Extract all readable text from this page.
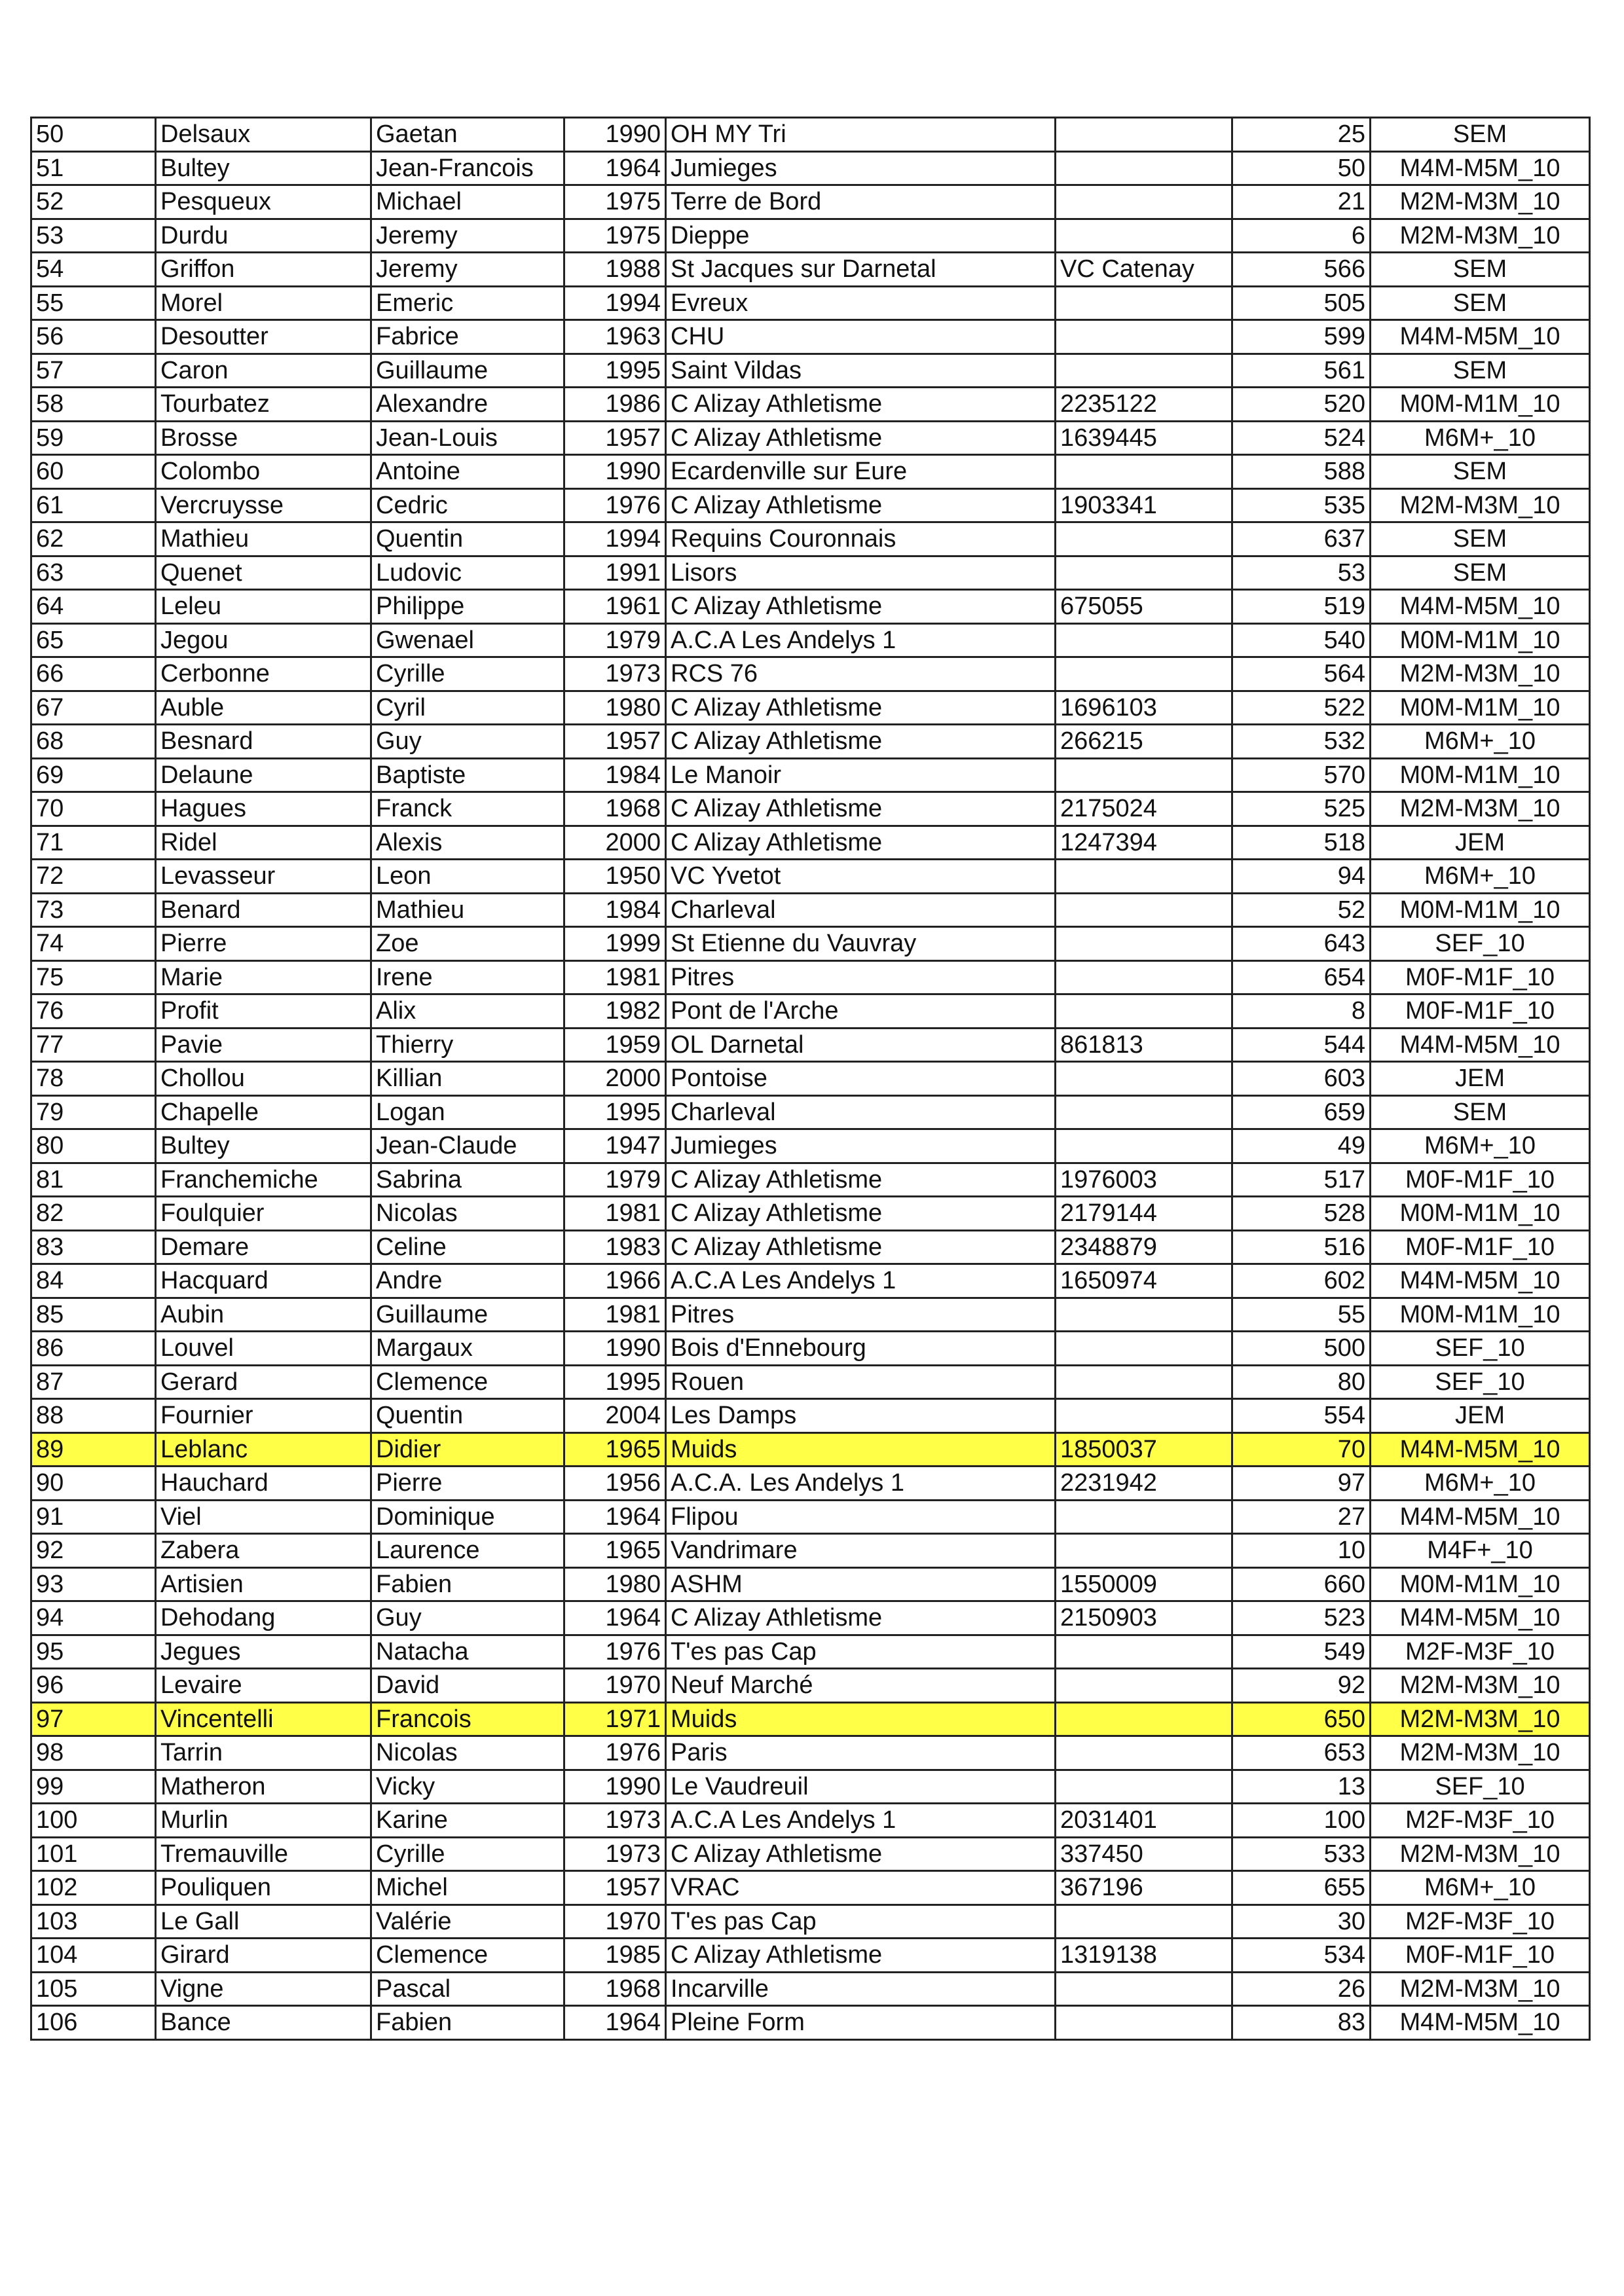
50	Delsaux	Gaetan	1990	OH MY Tri		25	SEM
51	Bultey	Jean-Francois	1964	Jumieges		50	M4M-M5M_10
52	Pesqueux	Michael	1975	Terre de Bord		21	M2M-M3M_10
53	Durdu	Jeremy	1975	Dieppe		6	M2M-M3M_10
54	Griffon	Jeremy	1988	St Jacques sur Darnetal	VC Catenay	566	SEM
55	Morel	Emeric	1994	Evreux		505	SEM
56	Desoutter	Fabrice	1963	CHU		599	M4M-M5M_10
57	Caron	Guillaume	1995	Saint Vildas		561	SEM
58	Tourbatez	Alexandre	1986	C Alizay Athletisme	2235122	520	M0M-M1M_10
59	Brosse	Jean-Louis	1957	C Alizay Athletisme	1639445	524	M6M+_10
60	Colombo	Antoine	1990	Ecardenville sur Eure		588	SEM
61	Vercruysse	Cedric	1976	C Alizay Athletisme	1903341	535	M2M-M3M_10
62	Mathieu	Quentin	1994	Requins Couronnais		637	SEM
63	Quenet	Ludovic	1991	Lisors		53	SEM
64	Leleu	Philippe	1961	C Alizay Athletisme	675055	519	M4M-M5M_10
65	Jegou	Gwenael	1979	A.C.A Les Andelys 1		540	M0M-M1M_10
66	Cerbonne	Cyrille	1973	RCS 76		564	M2M-M3M_10
67	Auble	Cyril	1980	C Alizay Athletisme	1696103	522	M0M-M1M_10
68	Besnard	Guy	1957	C Alizay Athletisme	266215	532	M6M+_10
69	Delaune	Baptiste	1984	Le Manoir		570	M0M-M1M_10
70	Hagues	Franck	1968	C Alizay Athletisme	2175024	525	M2M-M3M_10
71	Ridel	Alexis	2000	C Alizay Athletisme	1247394	518	JEM
72	Levasseur	Leon	1950	VC Yvetot		94	M6M+_10
73	Benard	Mathieu	1984	Charleval		52	M0M-M1M_10
74	Pierre	Zoe	1999	St Etienne du Vauvray		643	SEF_10
75	Marie	Irene	1981	Pitres		654	M0F-M1F_10
76	Profit	Alix	1982	Pont de l'Arche		8	M0F-M1F_10
77	Pavie	Thierry	1959	OL Darnetal	861813	544	M4M-M5M_10
78	Chollou	Killian	2000	Pontoise		603	JEM
79	Chapelle	Logan	1995	Charleval		659	SEM
80	Bultey	Jean-Claude	1947	Jumieges		49	M6M+_10
81	Franchemiche	Sabrina	1979	C Alizay Athletisme	1976003	517	M0F-M1F_10
82	Foulquier	Nicolas	1981	C Alizay Athletisme	2179144	528	M0M-M1M_10
83	Demare	Celine	1983	C Alizay Athletisme	2348879	516	M0F-M1F_10
84	Hacquard	Andre	1966	A.C.A Les Andelys 1	1650974	602	M4M-M5M_10
85	Aubin	Guillaume	1981	Pitres		55	M0M-M1M_10
86	Louvel	Margaux	1990	Bois d'Ennebourg		500	SEF_10
87	Gerard	Clemence	1995	Rouen		80	SEF_10
88	Fournier	Quentin	2004	Les Damps		554	JEM
89	Leblanc	Didier	1965	Muids	1850037	70	M4M-M5M_10
90	Hauchard	Pierre	1956	A.C.A. Les Andelys 1	2231942	97	M6M+_10
91	Viel	Dominique	1964	Flipou		27	M4M-M5M_10
92	Zabera	Laurence	1965	Vandrimare		10	M4F+_10
93	Artisien	Fabien	1980	ASHM	1550009	660	M0M-M1M_10
94	Dehodang	Guy	1964	C Alizay Athletisme	2150903	523	M4M-M5M_10
95	Jegues	Natacha	1976	T'es pas Cap		549	M2F-M3F_10
96	Levaire	David	1970	Neuf Marché		92	M2M-M3M_10
97	Vincentelli	Francois	1971	Muids		650	M2M-M3M_10
98	Tarrin	Nicolas	1976	Paris		653	M2M-M3M_10
99	Matheron	Vicky	1990	Le Vaudreuil		13	SEF_10
100	Murlin	Karine	1973	A.C.A Les Andelys 1	2031401	100	M2F-M3F_10
101	Tremauville	Cyrille	1973	C Alizay Athletisme	337450	533	M2M-M3M_10
102	Pouliquen	Michel	1957	VRAC	367196	655	M6M+_10
103	Le Gall	Valérie	1970	T'es pas Cap		30	M2F-M3F_10
104	Girard	Clemence	1985	C Alizay Athletisme	1319138	534	M0F-M1F_10
105	Vigne	Pascal	1968	Incarville		26	M2M-M3M_10
106	Bance	Fabien	1964	Pleine Form		83	M4M-M5M_10
